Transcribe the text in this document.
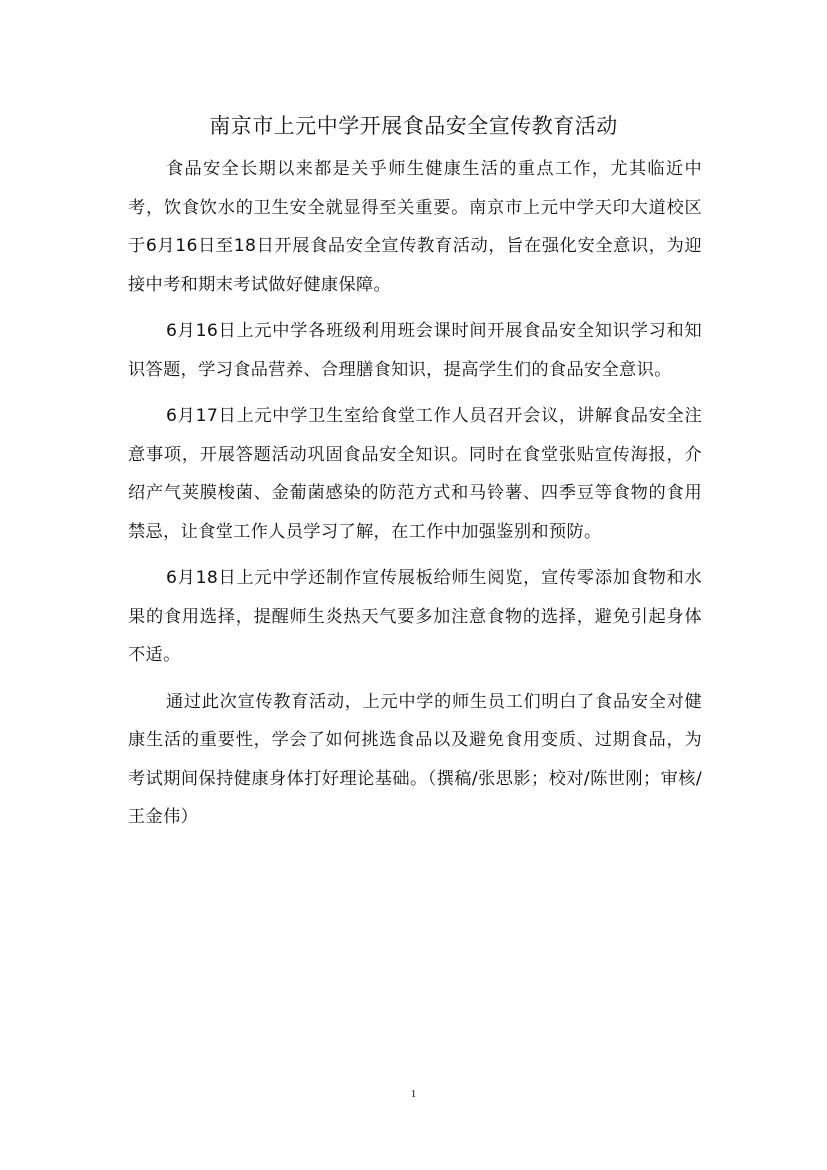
南京市上元中学开展食品安全宣传教育活动

食品安全长期以来都是关乎师生健康生活的重点工作，尤其临近中考，饮食饮水的卫生安全就显得至关重要。南京市上元中学天印大道校区于6月16日至18日开展食品安全宣传教育活动，旨在强化安全意识，为迎接中考和期末考试做好健康保障。

6月16日上元中学各班级利用班会课时间开展食品安全知识学习和知识答题，学习食品营养、合理膳食知识，提高学生们的食品安全意识。

6月17日上元中学卫生室给食堂工作人员召开会议，讲解食品安全注意事项，开展答题活动巩固食品安全知识。同时在食堂张贴宣传海报，介绍产气荚膜梭菌、金葡菌感染的防范方式和马铃薯、四季豆等食物的食用禁忌，让食堂工作人员学习了解，在工作中加强鉴别和预防。

6月18日上元中学还制作宣传展板给师生阅览，宣传零添加食物和水果的食用选择，提醒师生炎热天气要多加注意食物的选择，避免引起身体不适。

通过此次宣传教育活动，上元中学的师生员工们明白了食品安全对健康生活的重要性，学会了如何挑选食品以及避免食用变质、过期食品，为考试期间保持健康身体打好理论基础。（撰稿/张思影；校对/陈世刚；审核/王金伟）

1
